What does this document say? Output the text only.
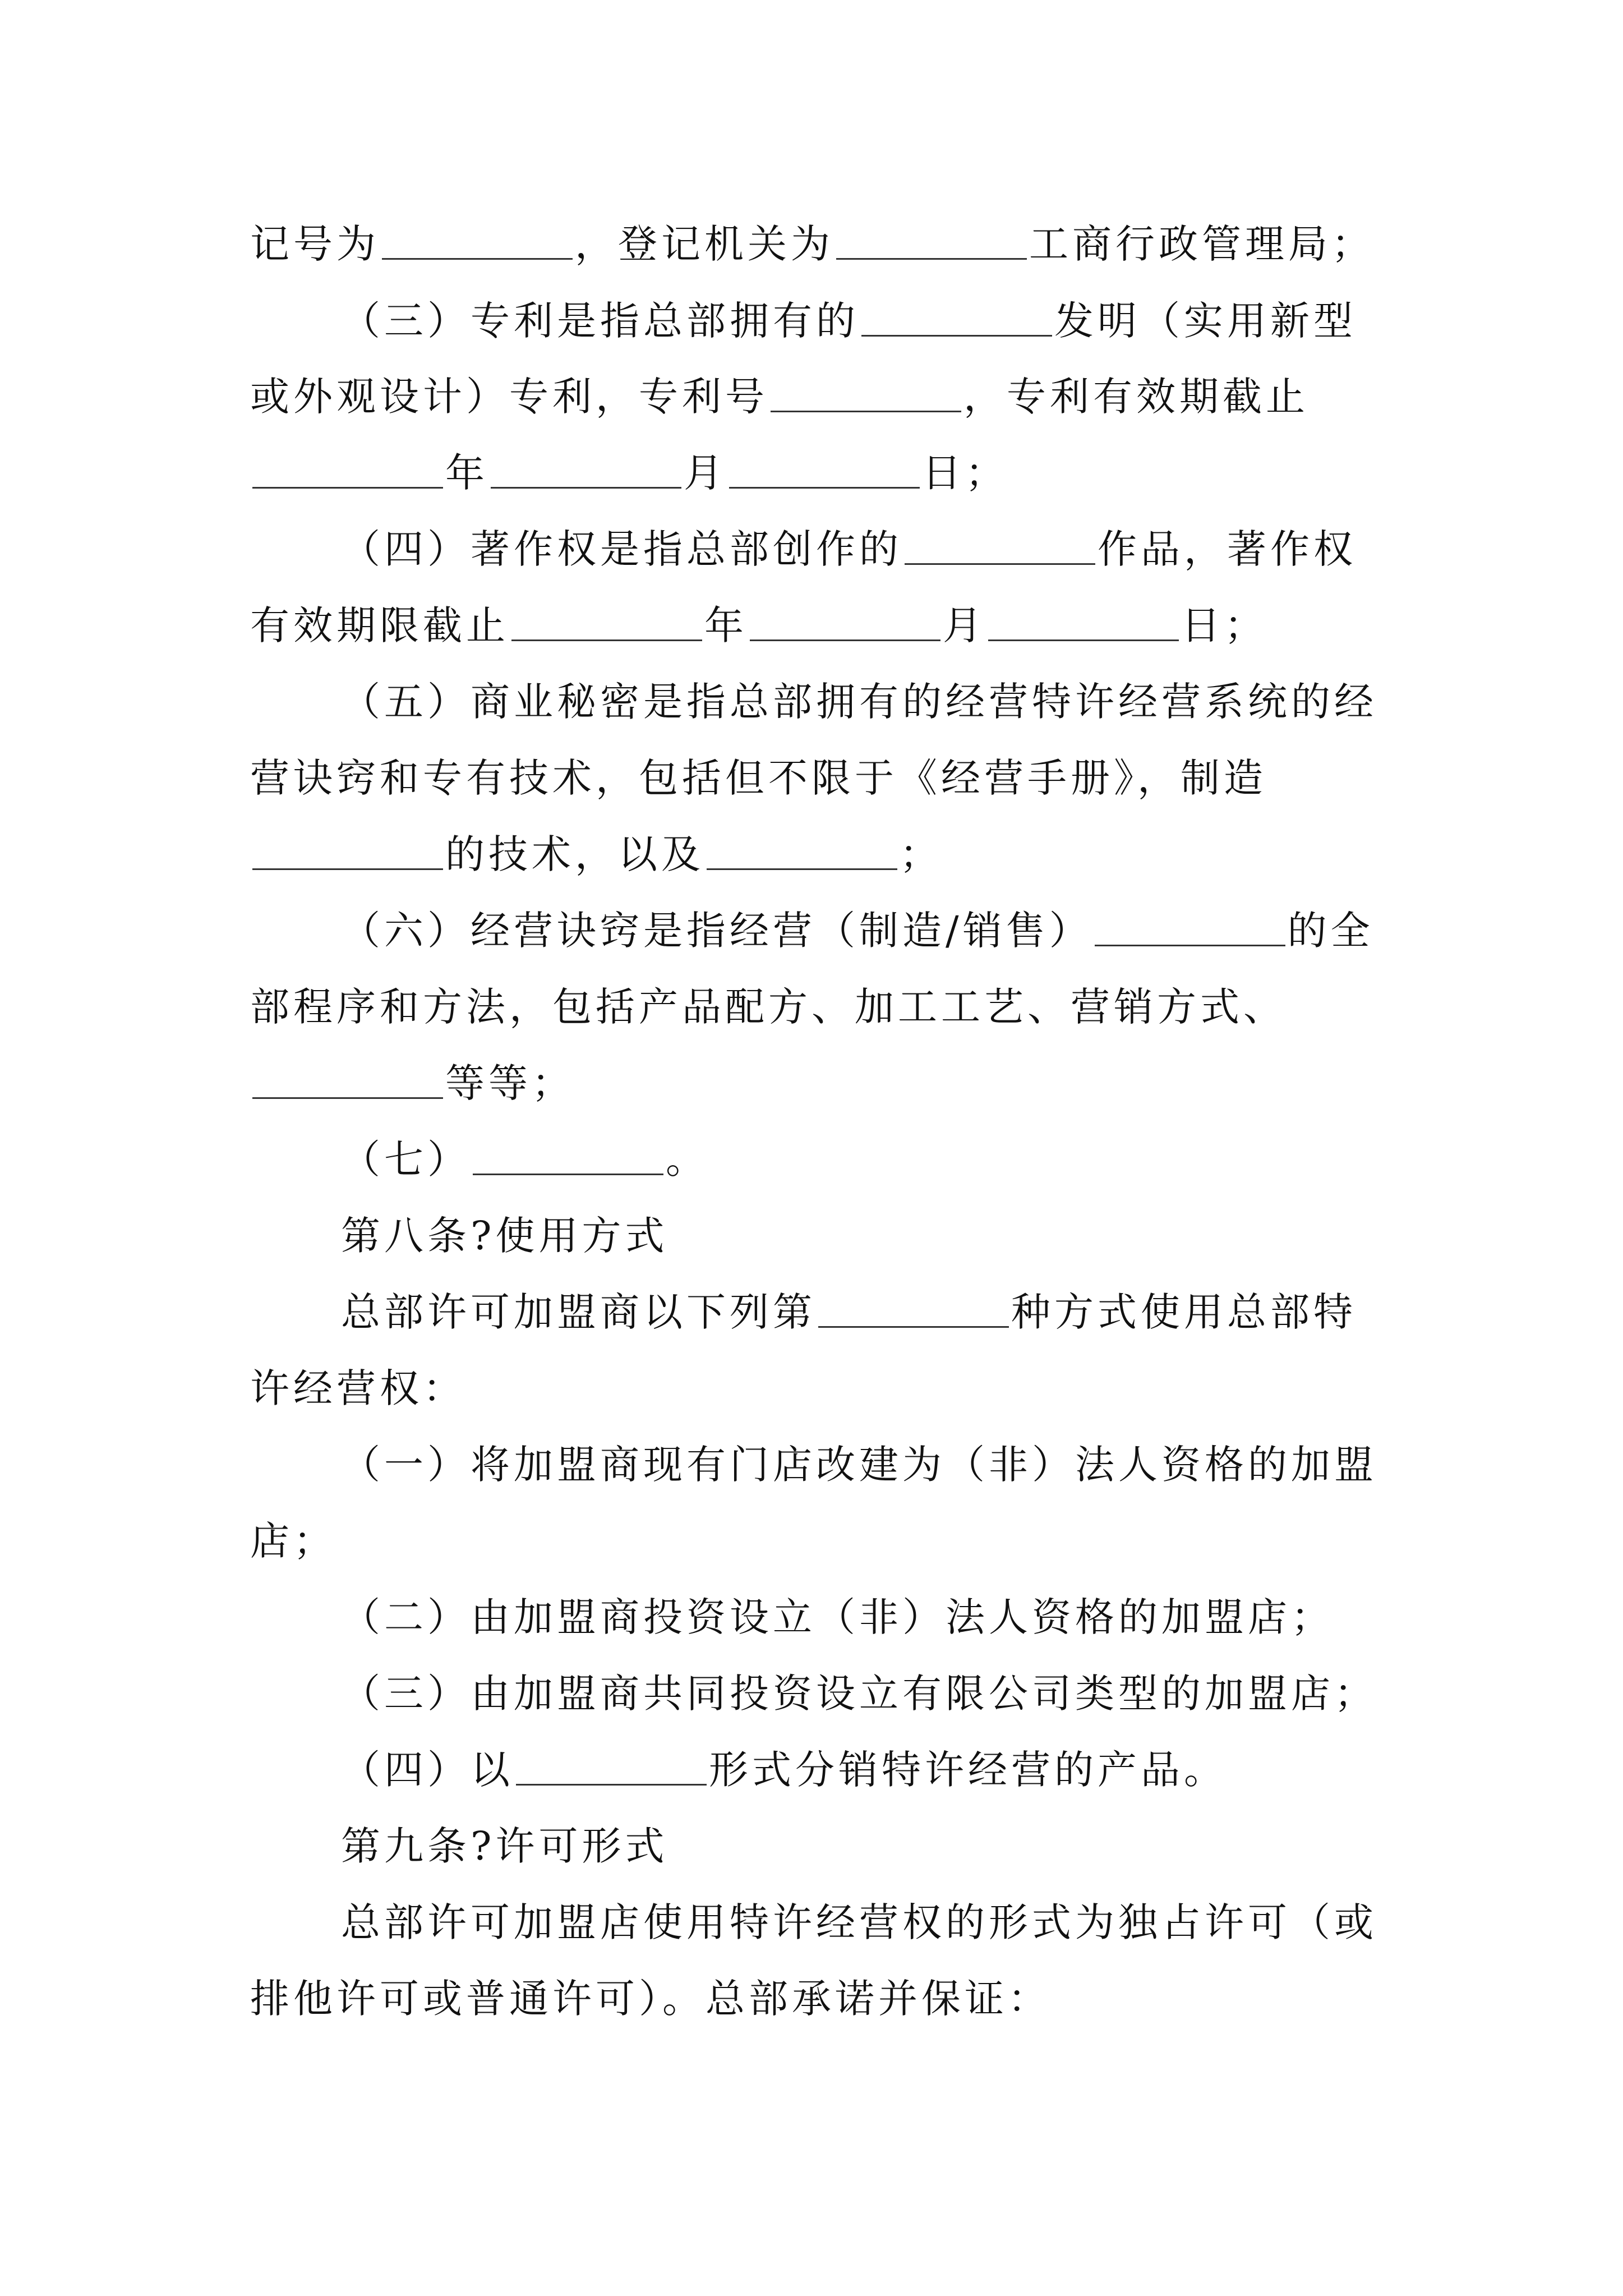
记号为	，登记机关为	工商行政管理局；
（三）专利是指总部拥有的	发明（实用新型
或外观设计）专利，专利号	，专利有效期截止
年	月	日；
（四）著作权是指总部创作的	作品，著作权
有效期限截止	年	月	日；
（五）商业秘密是指总部拥有的经营特许经营系统的经
营诀窍和专有技术，包括但不限于《经营手册》，制造
的技术，以及	；
（六）经营诀窍是指经营（制造/销售）	的全
部程序和方法，包括产品配方、加工工艺、营销方式、
等等；
（七）	。
第八条?使用方式
总部许可加盟商以下列第	种方式使用总部特
许经营权：
（一）将加盟商现有门店改建为（非）法人资格的加盟
店；
（二）由加盟商投资设立（非）法人资格的加盟店；
（三）由加盟商共同投资设立有限公司类型的加盟店；
（四）以	形式分销特许经营的产品。
第九条?许可形式
总部许可加盟店使用特许经营权的形式为独占许可（或
排他许可或普通许可）。总部承诺并保证：
